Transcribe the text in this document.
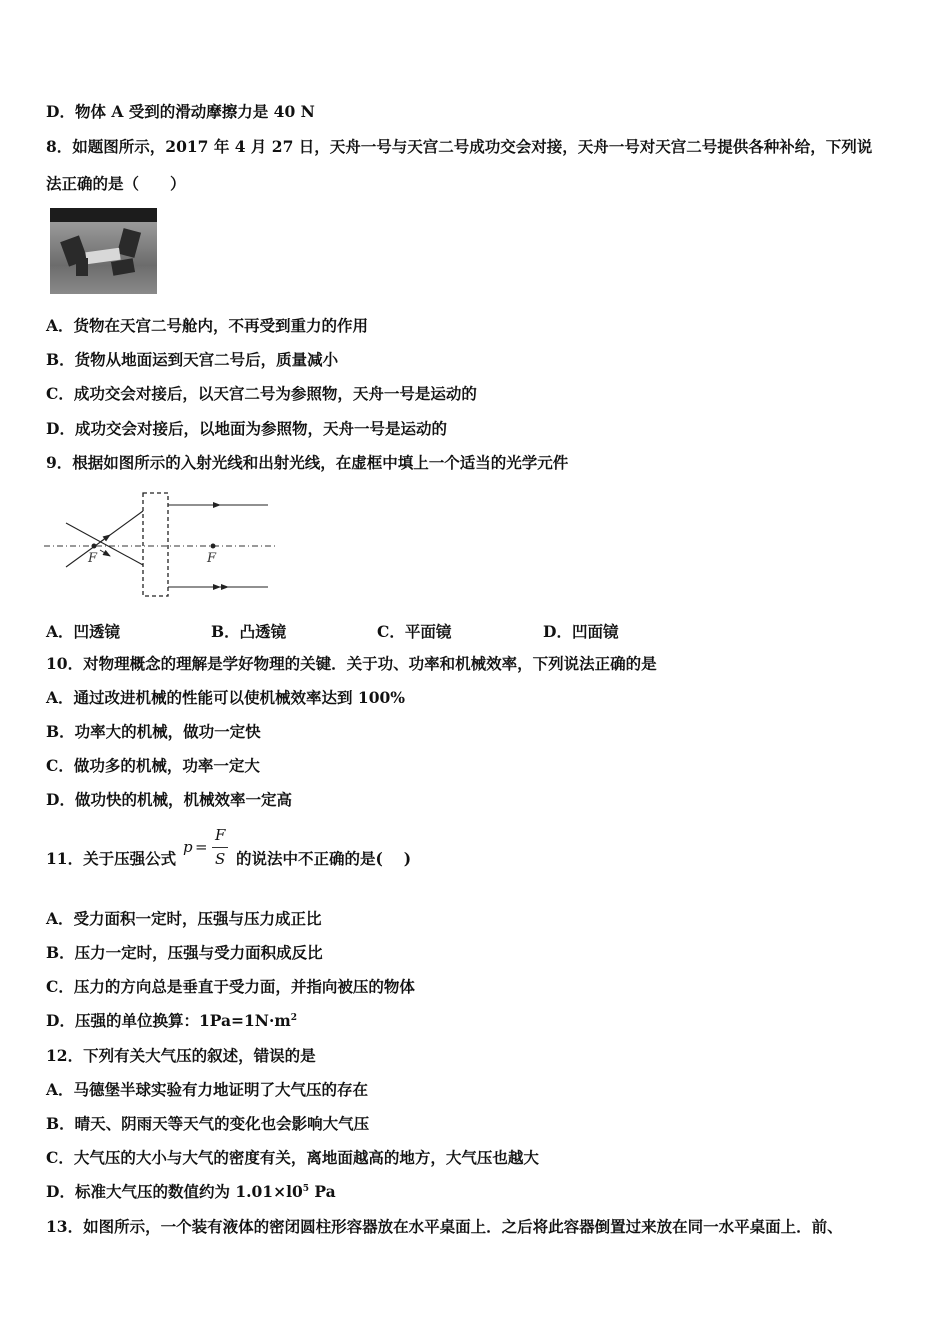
D．物体 A 受到的滑动摩擦力是 40 N
8．如题图所示，2017 年 4 月 27 日，天舟一号与天宫二号成功交会对接，天舟一号对天宫二号提供各种补给，下列说
法正确的是（　　）
A．货物在天宫二号舱内，不再受到重力的作用
B．货物从地面运到天宫二号后，质量减小
C．成功交会对接后，以天宫二号为参照物，天舟一号是运动的
D．成功交会对接后，以地面为参照物，天舟一号是运动的
9．根据如图所示的入射光线和出射光线，在虚框中填上一个适当的光学元件
F	F
A．凹透镜	B．凸透镜	C．平面镜	D．凹面镜
10．对物理概念的理解是学好物理的关键．关于功、功率和机械效率，下列说法正确的是
A．通过改进机械的性能可以使机械效率达到 100%
B．功率大的机械，做功一定快
C．做功多的机械，功率一定大
D．做功快的机械，机械效率一定高
11．关于压强公式
p =
F
S 的说法中不正确的是(　 )
A．受力面积一定时，压强与压力成正比
B．压力一定时，压强与受力面积成反比
C．压力的方向总是垂直于受力面，并指向被压的物体
D．压强的单位换算：$1Pa=1N\cdot m^2$
12．下列有关大气压的叙述，错误的是
A．马德堡半球实验有力地证明了大气压的存在
B．晴天、阴雨天等天气的变化也会影响大气压
C．大气压的大小与大气的密度有关，离地面越高的地方，大气压也越大
D．标准大气压的数值约为 $1.01\times l0^5$ Pa
13．如图所示，一个装有液体的密闭圆柱形容器放在水平桌面上．之后将此容器倒置过来放在同一水平桌面上．前、
